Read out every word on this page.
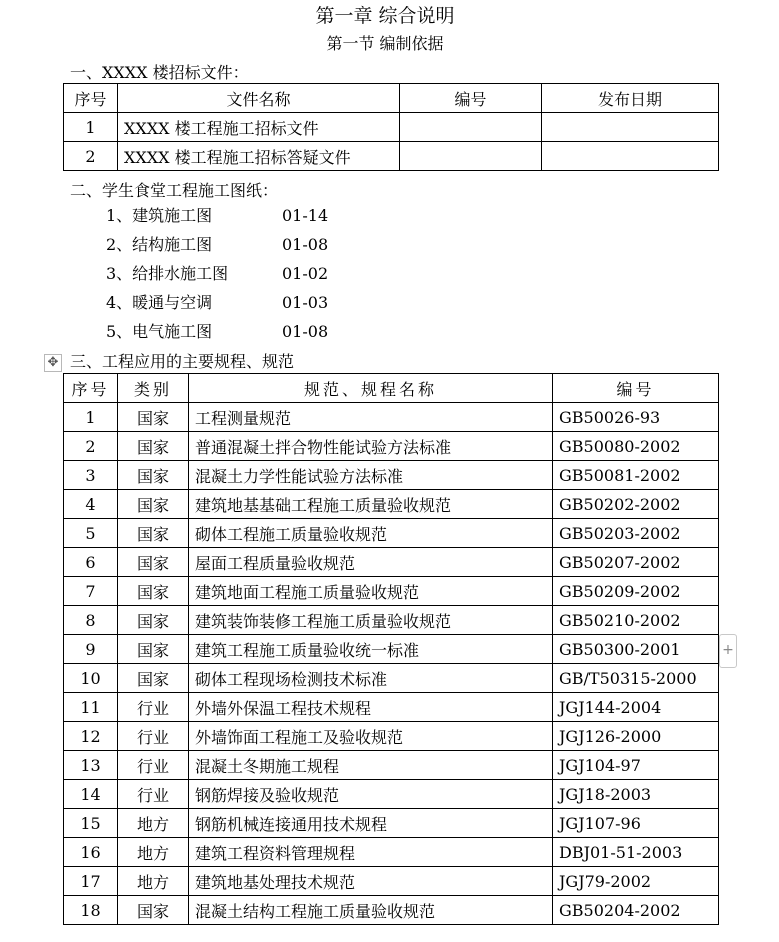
第一章 综合说明
第一节 编制依据
一、XXXX 楼招标文件：
序号	文件名称	编号	发布日期
1	XXXX 楼工程施工招标文件		
2	XXXX 楼工程施工招标答疑文件		
二、学生食堂工程施工图纸：
1、建筑施工图	01-14
2、结构施工图	01-08
3、给排水施工图	01-02
4、暖通与空调	01-03
5、电气施工图	01-08
✥ 三、工程应用的主要规程、规范
序号	类别	规范、规程名称	编号
1	国家	工程测量规范	GB50026-93
2	国家	普通混凝土拌合物性能试验方法标准	GB50080-2002
3	国家	混凝土力学性能试验方法标准	GB50081-2002
4	国家	建筑地基基础工程施工质量验收规范	GB50202-2002
5	国家	砌体工程施工质量验收规范	GB50203-2002
6	国家	屋面工程质量验收规范	GB50207-2002
7	国家	建筑地面工程施工质量验收规范	GB50209-2002
8	国家	建筑装饰装修工程施工质量验收规范	GB50210-2002
9	国家	建筑工程施工质量验收统一标准	GB50300-2001
10	国家	砌体工程现场检测技术标准	GB/T50315-2000
11	行业	外墙外保温工程技术规程	JGJ144-2004
12	行业	外墙饰面工程施工及验收规范	JGJ126-2000
13	行业	混凝土冬期施工规程	JGJ104-97
14	行业	钢筋焊接及验收规范	JGJ18-2003
15	地方	钢筋机械连接通用技术规程	JGJ107-96
16	地方	建筑工程资料管理规程	DBJ01-51-2003
17	地方	建筑地基处理技术规范	JGJ79-2002
18	国家	混凝土结构工程施工质量验收规范	GB50204-2002
+
